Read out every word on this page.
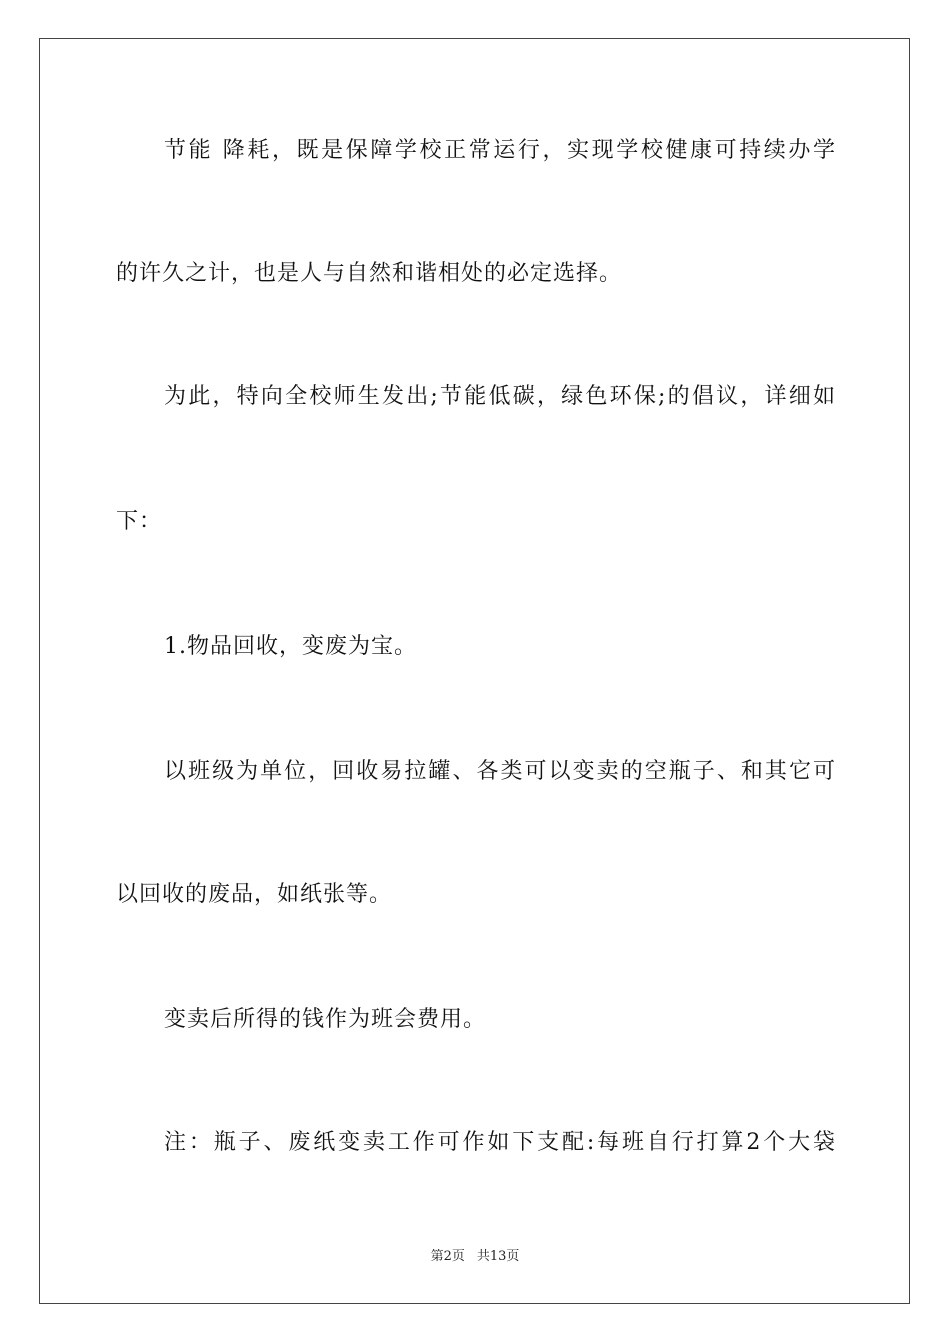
节能 降耗，既是保障学校正常运行，实现学校健康可持续办学
的许久之计，也是人与自然和谐相处的必定选择。
为此，特向全校师生发出;节能低碳，绿色环保;的倡议，详细如
下：
1.物品回收，变废为宝。
以班级为单位，回收易拉罐、各类可以变卖的空瓶子、和其它可
以回收的废品，如纸张等。
变卖后所得的钱作为班会费用。
注：瓶子、废纸变卖工作可作如下支配:每班自行打算2个大袋
第2页 共13页
